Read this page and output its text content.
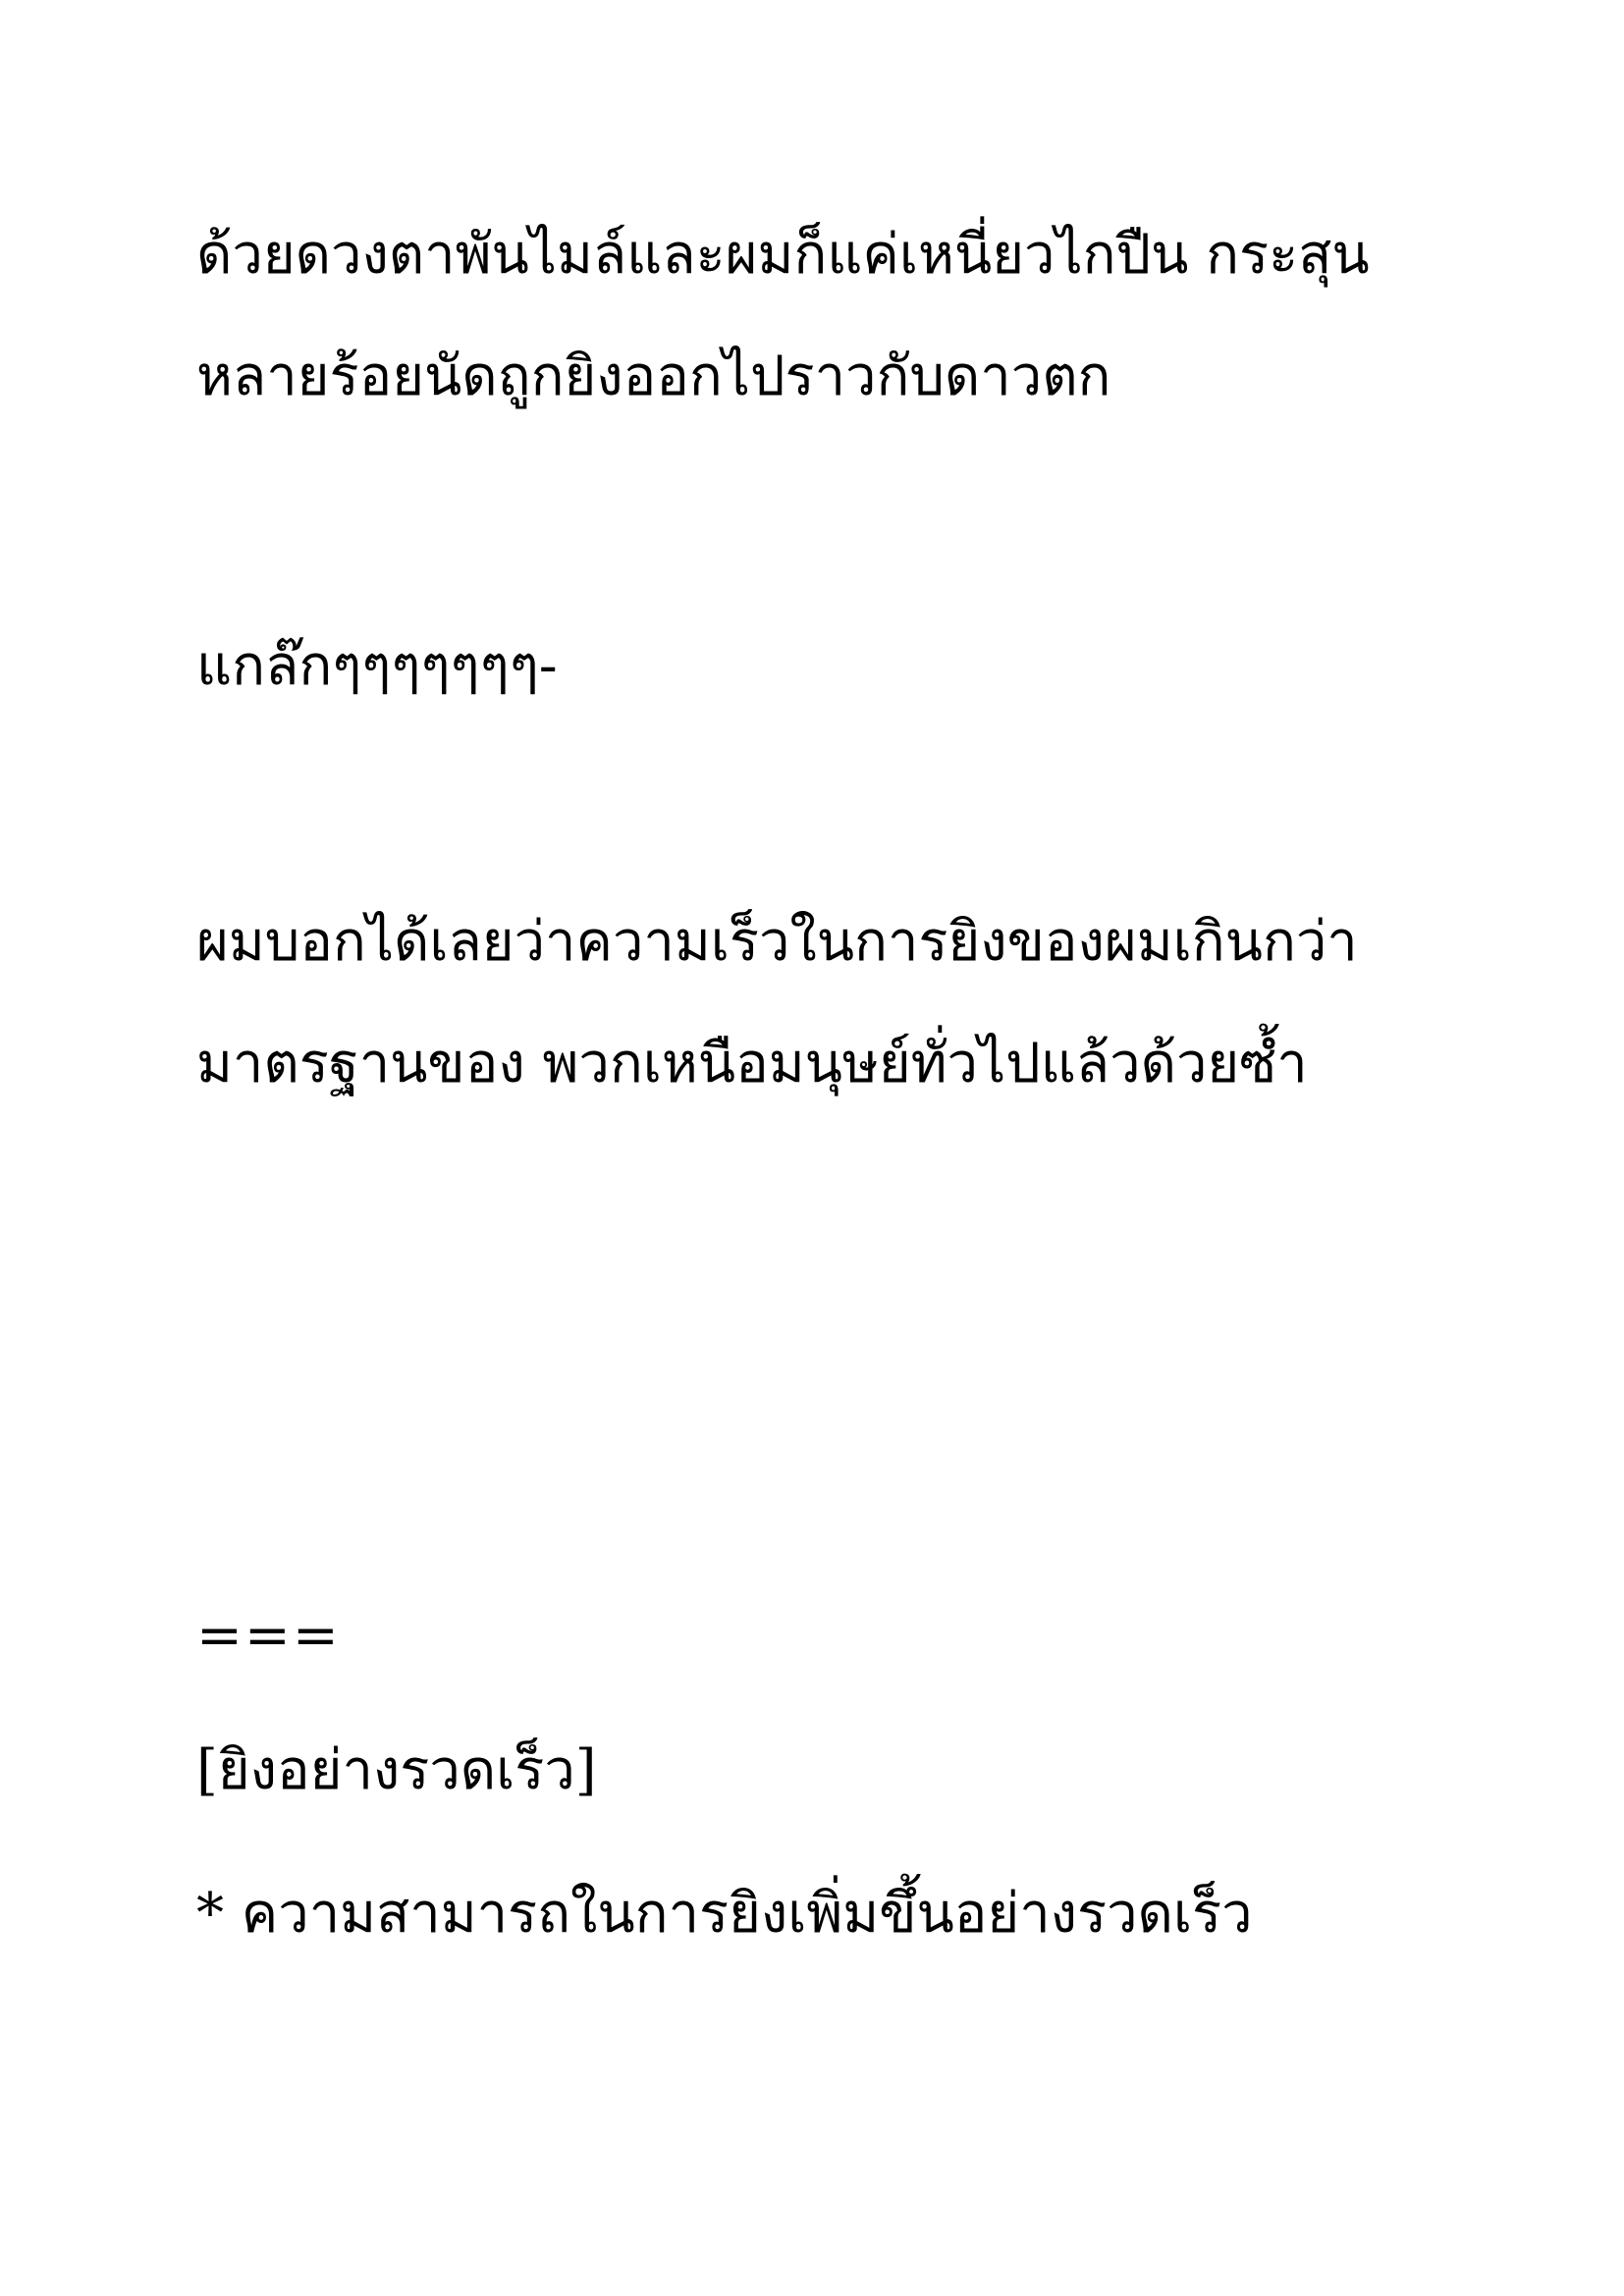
ด้วยดวงตาพันไมล์และผมก็แค่เหนี่ยวไกปืน กระสุน

หลายร้อยนัดถูกยิงออกไปราวกับดาวตก

แกล๊กๆๆๆๆๆๆๆ-

ผมบอกได้เลยว่าความเร็วในการยิงของผมเกินกว่า

มาตรฐานของ พวกเหนือมนุษย์ทั่วไปแล้วด้วยซ้ำ

===

[ยิงอย่างรวดเร็ว]

* ความสามารถในการยิงเพิ่มขึ้นอย่างรวดเร็ว
